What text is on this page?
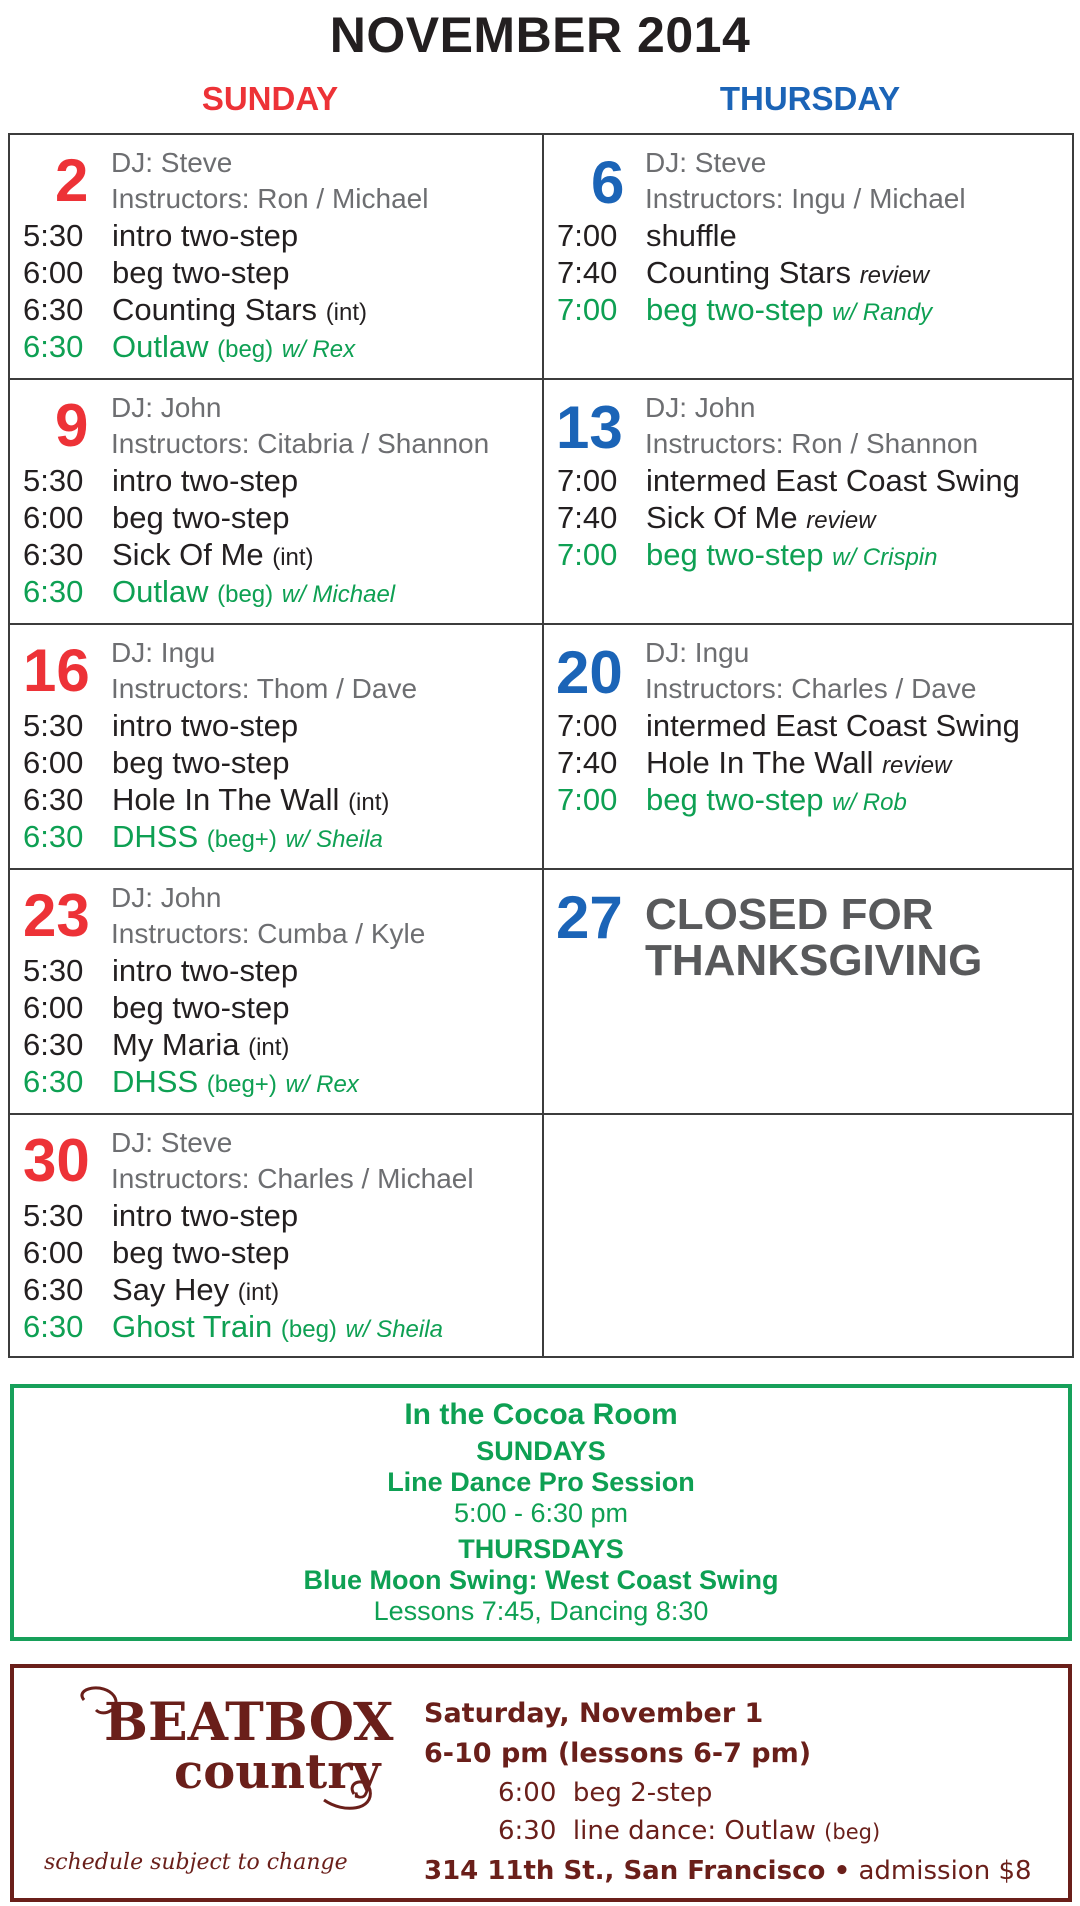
NOVEMBER 2014
SUNDAY	THURSDAY
2 DJ: Steve
Instructors: Ron / Michael
5:30 intro two-step
6:00 beg two-step
6:30 Counting Stars (int)
6:30 Outlaw (beg) w/ Rex
6 DJ: Steve
Instructors: Ingu / Michael
7:00 shuffle
7:40 Counting Stars review
7:00 beg two-step w/ Randy
9 DJ: John
Instructors: Citabria / Shannon
5:30 intro two-step
6:00 beg two-step
6:30 Sick Of Me (int)
6:30 Outlaw (beg) w/ Michael
13 DJ: John
Instructors: Ron / Shannon
7:00 intermed East Coast Swing
7:40 Sick Of Me review
7:00 beg two-step w/ Crispin
16 DJ: Ingu
Instructors: Thom / Dave
5:30 intro two-step
6:00 beg two-step
6:30 Hole In The Wall (int)
6:30 DHSS (beg+) w/ Sheila
20 DJ: Ingu
Instructors: Charles / Dave
7:00 intermed East Coast Swing
7:40 Hole In The Wall review
7:00 beg two-step w/ Rob
23 DJ: John
Instructors: Cumba / Kyle
5:30 intro two-step
6:00 beg two-step
6:30 My Maria (int)
6:30 DHSS (beg+) w/ Rex
27 CLOSED FOR
THANKSGIVING
30 DJ: Steve
Instructors: Charles / Michael
5:30 intro two-step
6:00 beg two-step
6:30 Say Hey (int)
6:30 Ghost Train (beg) w/ Sheila
In the Cocoa Room
SUNDAYS
Line Dance Pro Session
5:00 - 6:30 pm
THURSDAYS
Blue Moon Swing: West Coast Swing
Lessons 7:45, Dancing 8:30
BEATBOX
country
schedule subject to change
Saturday, November 1
6-10 pm (lessons 6-7 pm)
6:00 beg 2-step
6:30 line dance: Outlaw (beg)
314 11th St., San Francisco • admission $8
